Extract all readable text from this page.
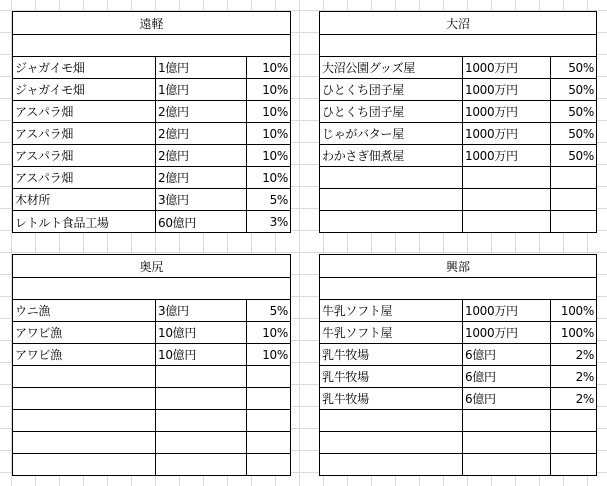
遠軽
ジャガイモ畑	1億円	10%
ジャガイモ畑	1億円	10%
アスパラ畑	2億円	10%
アスパラ畑	2億円	10%
アスパラ畑	2億円	10%
アスパラ畑	2億円	10%
木材所	3億円	5%
レトルト食品工場	60億円	3%
大沼
大沼公園グッズ屋	1000万円	50%
ひとくち団子屋	1000万円	50%
ひとくち団子屋	1000万円	50%
じゃがバター屋	1000万円	50%
わかさぎ佃煮屋	1000万円	50%
奥尻
ウニ漁	3億円	5%
アワビ漁	10億円	10%
アワビ漁	10億円	10%
興部
牛乳ソフト屋	1000万円	100%
牛乳ソフト屋	1000万円	100%
乳牛牧場	6億円	2%
乳牛牧場	6億円	2%
乳牛牧場	6億円	2%
